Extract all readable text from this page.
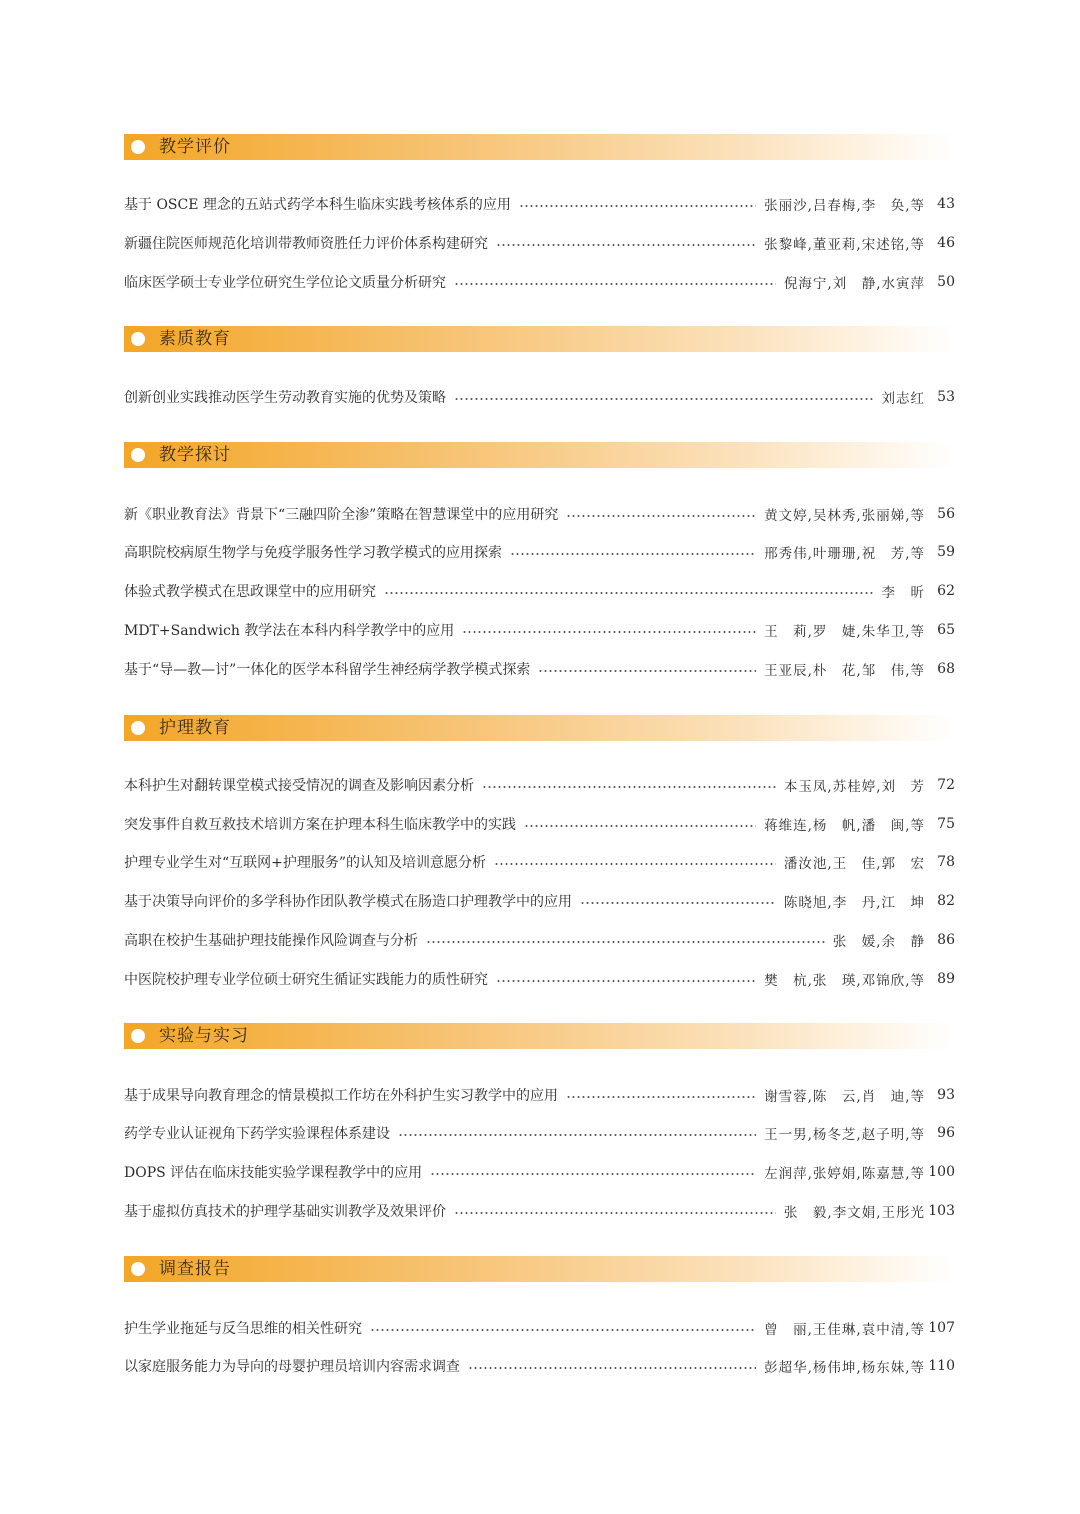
教学评价
基于 OSCE 理念的五站式药学本科生临床实践考核体系的应用	张丽沙,吕春梅,李　奂,等 43
新疆住院医师规范化培训带教师资胜任力评价体系构建研究	张黎峰,董亚莉,宋述铭,等 46
临床医学硕士专业学位研究生学位论文质量分析研究	倪海宁,刘　静,水寅萍 50
素质教育
创新创业实践推动医学生劳动教育实施的优势及策略	刘志红 53
教学探讨
新《职业教育法》背景下“三融四阶全渗”策略在智慧课堂中的应用研究	黄文婷,吴林秀,张丽娣,等 56
高职院校病原生物学与免疫学服务性学习教学模式的应用探索	邢秀伟,叶珊珊,祝　芳,等 59
体验式教学模式在思政课堂中的应用研究	李　昕 62
MDT+Sandwich 教学法在本科内科学教学中的应用	王　莉,罗　婕,朱华卫,等 65
基于“导—教—讨”一体化的医学本科留学生神经病学教学模式探索	王亚辰,朴　花,邹　伟,等 68
护理教育
本科护生对翻转课堂模式接受情况的调查及影响因素分析	本玉凤,苏桂婷,刘　芳 72
突发事件自救互救技术培训方案在护理本科生临床教学中的实践	蒋维连,杨　帆,潘　闽,等 75
护理专业学生对“互联网+护理服务”的认知及培训意愿分析	潘汝池,王　佳,郭　宏 78
基于决策导向评价的多学科协作团队教学模式在肠造口护理教学中的应用	陈晓旭,李　丹,江　坤 82
高职在校护生基础护理技能操作风险调查与分析	张　媛,余　静 86
中医院校护理专业学位硕士研究生循证实践能力的质性研究	樊　杭,张　瑛,邓锦欣,等 89
实验与实习
基于成果导向教育理念的情景模拟工作坊在外科护生实习教学中的应用	谢雪蓉,陈　云,肖　迪,等 93
药学专业认证视角下药学实验课程体系建设	王一男,杨冬芝,赵子明,等 96
DOPS 评估在临床技能实验学课程教学中的应用	左润萍,张婷娟,陈嘉慧,等 100
基于虚拟仿真技术的护理学基础实训教学及效果评价	张　毅,李文娟,王彤光 103
调查报告
护生学业拖延与反刍思维的相关性研究	曾　丽,王佳琳,袁中清,等 107
以家庭服务能力为导向的母婴护理员培训内容需求调查	彭超华,杨伟坤,杨东妹,等 110
